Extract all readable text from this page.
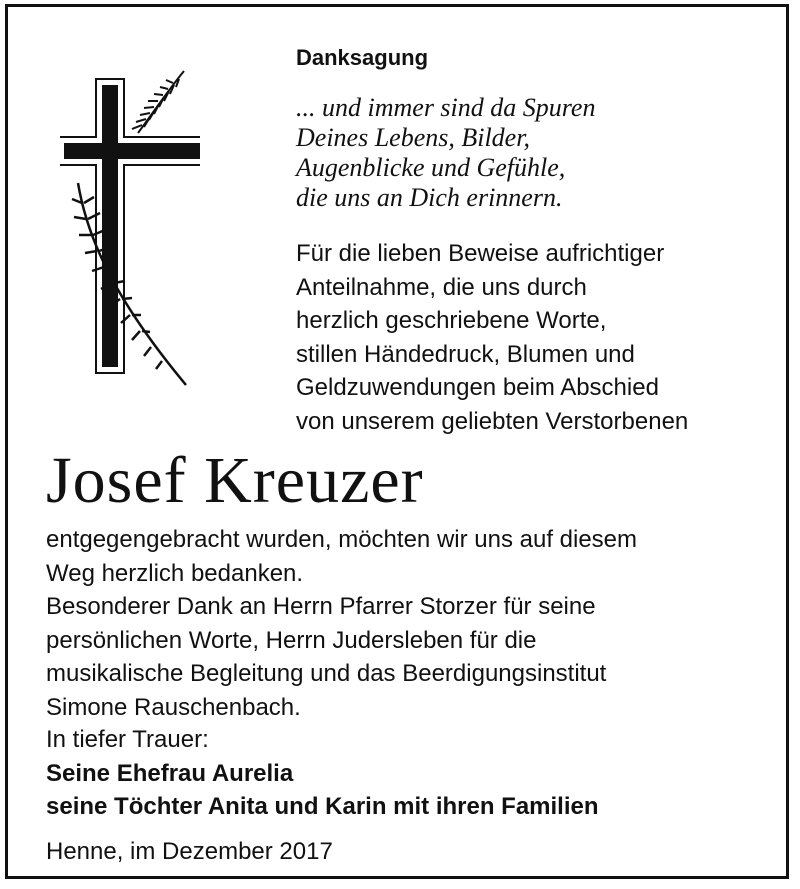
Danksagung
... und immer sind da Spuren
Deines Lebens, Bilder,
Augenblicke und Gefühle,
die uns an Dich erinnern.
Für die lieben Beweise aufrichtiger
Anteilnahme, die uns durch
herzlich geschriebene Worte,
stillen Händedruck, Blumen und
Geldzuwendungen beim Abschied
von unserem geliebten Verstorbenen
Josef Kreuzer
entgegengebracht wurden, möchten wir uns auf diesem
Weg herzlich bedanken.
Besonderer Dank an Herrn Pfarrer Storzer für seine
persönlichen Worte, Herrn Judersleben für die
musikalische Begleitung und das Beerdigungsinstitut
Simone Rauschenbach.
In tiefer Trauer:
Seine Ehefrau Aurelia
seine Töchter Anita und Karin mit ihren Familien
Henne, im Dezember 2017
